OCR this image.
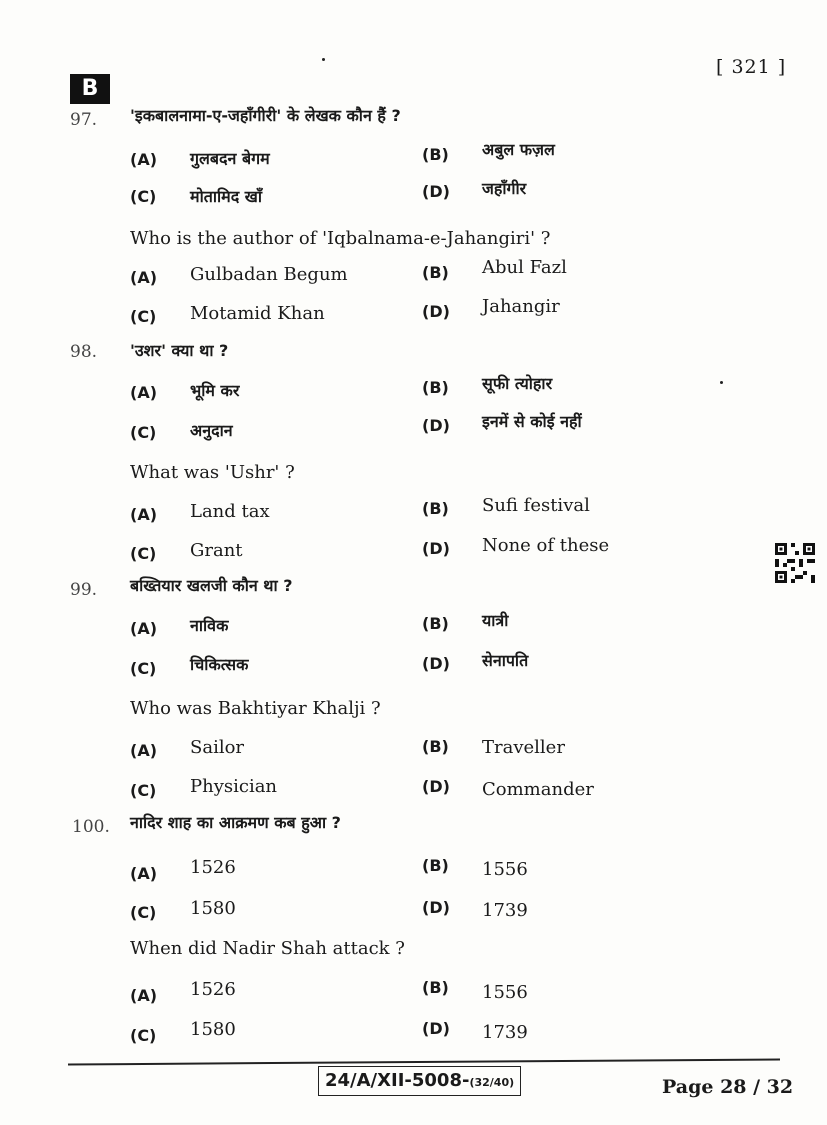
[ 321 ]
B
97. 'इकबालनामा-ए-जहाँगीरी' के लेखक कौन हैं ?
(A) गुलबदन बेगम	(B) अबुल फज़ल
(C) मोतामिद खाँ	(D) जहाँगीर
Who is the author of 'Iqbalnama-e-Jahangiri' ?
(A) Gulbadan Begum	(B) Abul Fazl
(C) Motamid Khan	(D) Jahangir
98. 'उशर' क्या था ?
(A) भूमि कर	(B) सूफी त्योहार
(C) अनुदान	(D) इनमें से कोई नहीं
What was 'Ushr' ?
(A) Land tax	(B) Sufi festival
(C) Grant	(D) None of these
99. बख्तियार खलजी कौन था ?
(A) नाविक	(B) यात्री
(C) चिकित्सक	(D) सेनापति
Who was Bakhtiyar Khalji ?
(A) Sailor	(B) Traveller
(C) Physician	(D) Commander
100. नादिर शाह का आक्रमण कब हुआ ?
(A) 1526	(B) 1556
(C) 1580	(D) 1739
When did Nadir Shah attack ?
(A) 1526	(B) 1556
(C) 1580	(D) 1739
24/A/XII-5008-(32/40)	Page 28 / 32
